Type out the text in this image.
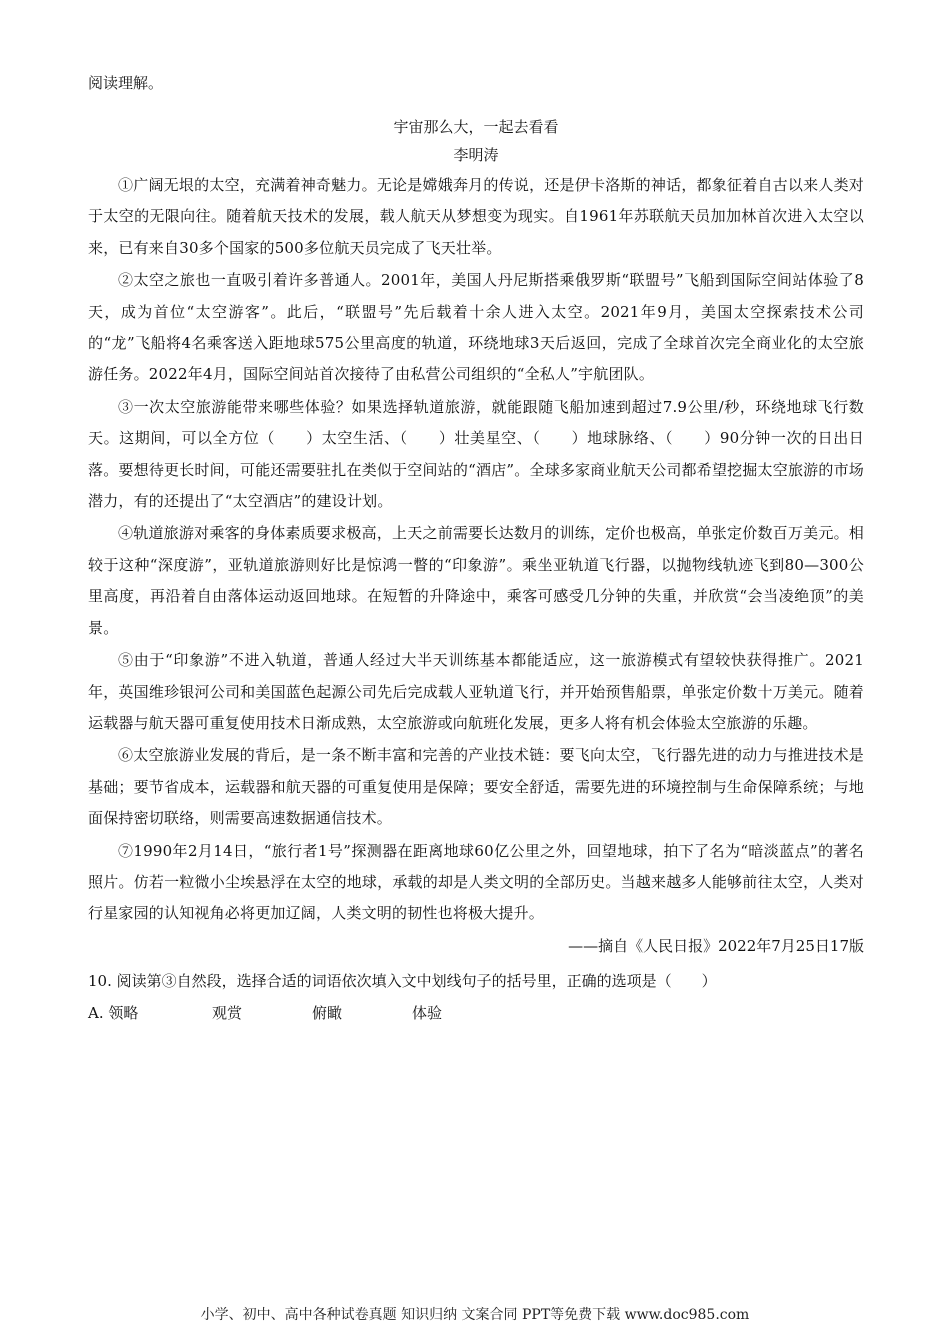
阅读理解。

宇宙那么大，一起去看看

李明涛

①广阔无垠的太空，充满着神奇魅力。无论是嫦娥奔月的传说，还是伊卡洛斯的神话，都象征着自古以来人类对于太空的无限向往。随着航天技术的发展，载人航天从梦想变为现实。自1961年苏联航天员加加林首次进入太空以来，已有来自30多个国家的500多位航天员完成了飞天壮举。

②太空之旅也一直吸引着许多普通人。2001年，美国人丹尼斯搭乘俄罗斯“联盟号”飞船到国际空间站体验了8天，成为首位“太空游客”。此后，“联盟号”先后载着十余人进入太空。2021年9月，美国太空探索技术公司的“龙”飞船将4名乘客送入距地球575公里高度的轨道，环绕地球3天后返回，完成了全球首次完全商业化的太空旅游任务。2022年4月，国际空间站首次接待了由私营公司组织的“全私人”宇航团队。

③一次太空旅游能带来哪些体验？如果选择轨道旅游，就能跟随飞船加速到超过7.9公里/秒，环绕地球飞行数天。这期间，可以全方位（　　）太空生活、（　　）壮美星空、（　　）地球脉络、（　　）90分钟一次的日出日落。要想待更长时间，可能还需要驻扎在类似于空间站的“酒店”。全球多家商业航天公司都希望挖掘太空旅游的市场潜力，有的还提出了“太空酒店”的建设计划。

④轨道旅游对乘客的身体素质要求极高，上天之前需要长达数月的训练，定价也极高，单张定价数百万美元。相较于这种“深度游”，亚轨道旅游则好比是惊鸿一瞥的“印象游”。乘坐亚轨道飞行器，以抛物线轨迹飞到80—300公里高度，再沿着自由落体运动返回地球。在短暂的升降途中，乘客可感受几分钟的失重，并欣赏“会当凌绝顶”的美景。

⑤由于“印象游”不进入轨道，普通人经过大半天训练基本都能适应，这一旅游模式有望较快获得推广。2021年，英国维珍银河公司和美国蓝色起源公司先后完成载人亚轨道飞行，并开始预售船票，单张定价数十万美元。随着运载器与航天器可重复使用技术日渐成熟，太空旅游或向航班化发展，更多人将有机会体验太空旅游的乐趣。

⑥太空旅游业发展的背后，是一条不断丰富和完善的产业技术链：要飞向太空，飞行器先进的动力与推进技术是基础；要节省成本，运载器和航天器的可重复使用是保障；要安全舒适，需要先进的环境控制与生命保障系统；与地面保持密切联络，则需要高速数据通信技术。

⑦1990年2月14日，“旅行者1号”探测器在距离地球60亿公里之外，回望地球，拍下了名为“暗淡蓝点”的著名照片。仿若一粒微小尘埃悬浮在太空的地球，承载的却是人类文明的全部历史。当越来越多人能够前往太空，人类对行星家园的认知视角必将更加辽阔，人类文明的韧性也将极大提升。

——摘自《人民日报》2022年7月25日17版

10. 阅读第③自然段，选择合适的词语依次填入文中划线句子的括号里，正确的选项是（　　）

A. 领略	观赏	俯瞰	体验
小学、初中、高中各种试卷真题 知识归纳 文案合同 PPT等免费下载 www.doc985.com
